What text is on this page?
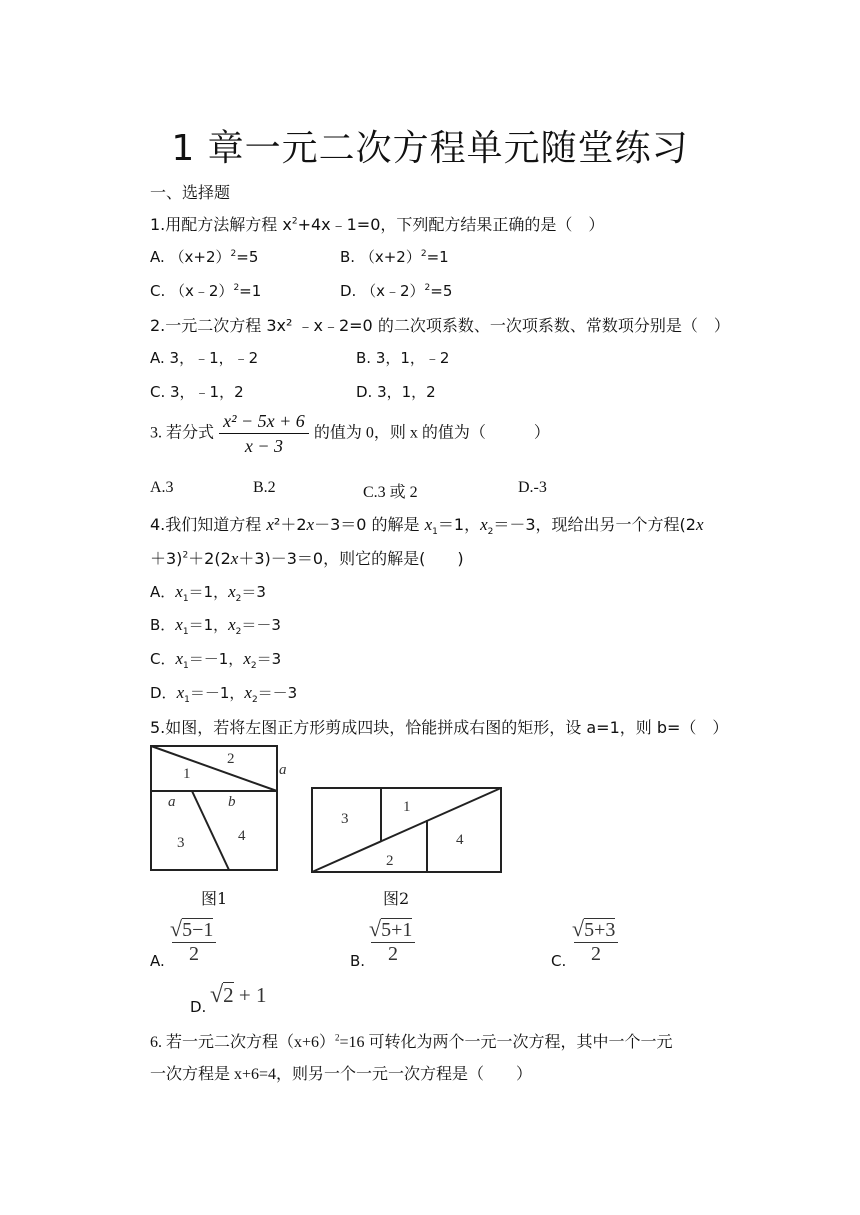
1 章一元二次方程单元随堂练习
一、选择题
1.用配方法解方程 $x^2+4x﹣1=0$，下列配方结果正确的是（　）
A. $(x+2)^2=5$	B. $(x+2)^2=1$
C. （x﹣2）$^2$=1	D. （x﹣2）$^2$=5
2.一元二次方程 3x² ﹣x﹣2=0 的二次项系数、一次项系数、常数项分别是（　）
A. 3，﹣1，﹣2	B. 3，1，﹣2
C. 3，﹣1，2	D. 3，1，2
3. 若分式 $\frac{\text{x² − 5x + 6}}{x - 3}$ 的值为 0，则 x 的值为（　　　）
A.3	B.2	C.3 或 2	D.-3
4.我们知道方程 x²＋2x－3＝0 的解是 $x_1=1$，$x_2=-3$，现给出另一个方程(2x
＋3)$^2$＋2(2x＋3)－3＝0，则它的解是(　　)
A．$x_1=1$，$x_2=3$
B．$x_1=1$，$x_2=-3$
C．$x_1=-1$，$x_2=3$
D．$x_1=-1$，$x_2=-3$
5.如图，若将左图正方形剪成四块，恰能拼成右图的矩形，设 a=1，则 b=（　）
1
2
3	4
a
a	b
3
1
4
2
图1	图2
A.
√5−1
2	B.
√5+1
2	C.
√5+3
2
D. √2 + 1
6. 若一元二次方程$(x+6)^2=16$ 可转化为两个一元一次方程，其中一个一元
一次方程是 x+6=4，则另一个一元一次方程是（　　）
